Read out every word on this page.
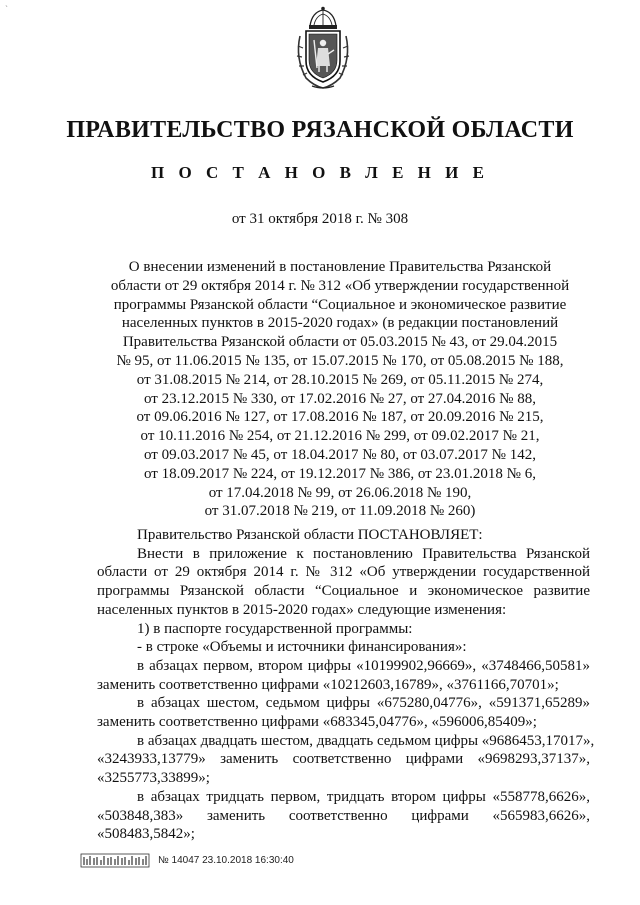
ˋ
ПРАВИТЕЛЬСТВО РЯЗАНСКОЙ ОБЛАСТИ
П О С Т А Н О В Л Е Н И Е
от 31 октября 2018 г. № 308
О внесении изменений в постановление Правительства Рязанской
области от 29 октября 2014 г. № 312 «Об утверждении государственной
программы Рязанской области “Социальное и экономическое развитие
населенных пунктов в 2015-2020 годах» (в редакции постановлений
Правительства Рязанской области от 05.03.2015 № 43, от 29.04.2015
№ 95, от 11.06.2015 № 135, от 15.07.2015 № 170, от 05.08.2015 № 188,
от 31.08.2015 № 214, от 28.10.2015 № 269, от 05.11.2015 № 274,
от 23.12.2015 № 330, от 17.02.2016 № 27, от 27.04.2016 № 88,
от 09.06.2016 № 127, от 17.08.2016 № 187, от 20.09.2016 № 215,
от 10.11.2016 № 254, от 21.12.2016 № 299, от 09.02.2017 № 21,
от 09.03.2017 № 45, от 18.04.2017 № 80, от 03.07.2017 № 142,
от 18.09.2017 № 224, от 19.12.2017 № 386, от 23.01.2018 № 6,
от 17.04.2018 № 99, от 26.06.2018 № 190,
от 31.07.2018 № 219, от 11.09.2018 № 260)
Правительство Рязанской области ПОСТАНОВЛЯЕТ:
Внести в приложение к постановлению Правительства Рязанской
области от 29 октября 2014 г. № 312 «Об утверждении государственной
программы Рязанской области “Социальное и экономическое развитие
населенных пунктов в 2015-2020 годах» следующие изменения:
1) в паспорте государственной программы:
- в строке «Объемы и источники финансирования»:
в абзацах первом, втором цифры «10199902,96669», «3748466,50581»
заменить соответственно цифрами «10212603,16789», «3761166,70701»;
в абзацах шестом, седьмом цифры «675280,04776», «591371,65289»
заменить соответственно цифрами «683345,04776», «596006,85409»;
в абзацах двадцать шестом, двадцать седьмом цифры «9686453,17017»,
«3243933,13779» заменить соответственно цифрами «9698293,37137»,
«3255773,33899»;
в абзацах тридцать первом, тридцать втором цифры «558778,6626»,
«503848,383» заменить соответственно цифрами «565983,6626»,
«508483,5842»;
№ 14047 23.10.2018 16:30:40
